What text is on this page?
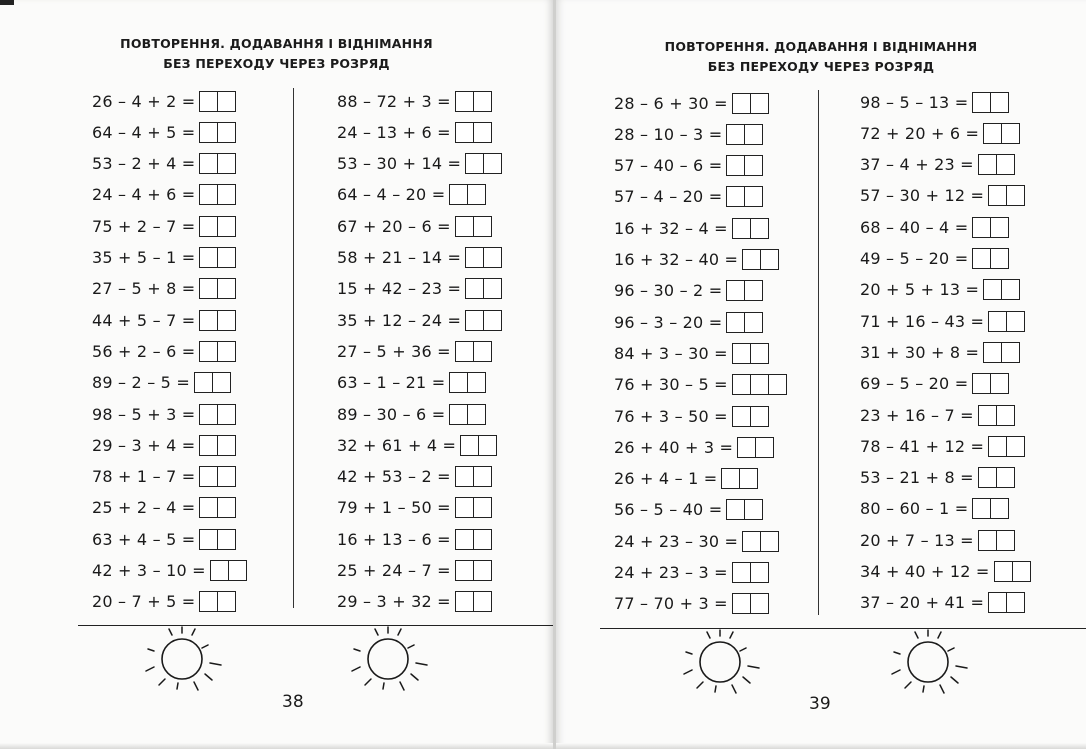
ПОВТОРЕННЯ. ДОДАВАННЯ І ВІДНІМАННЯ
БЕЗ ПЕРЕХОДУ ЧЕРЕЗ РОЗРЯД
26 – 4 + 2 =
64 – 4 + 5 =
53 – 2 + 4 =
24 – 4 + 6 =
75 + 2 – 7 =
35 + 5 – 1 =
27 – 5 + 8 =
44 + 5 – 7 =
56 + 2 – 6 =
89 – 2 – 5 =
98 – 5 + 3 =
29 – 3 + 4 =
78 + 1 – 7 =
25 + 2 – 4 =
63 + 4 – 5 =
42 + 3 – 10 =
20 – 7 + 5 =
88 – 72 + 3 =
24 – 13 + 6 =
53 – 30 + 14 =
64 – 4 – 20 =
67 + 20 – 6 =
58 + 21 – 14 =
15 + 42 – 23 =
35 + 12 – 24 =
27 – 5 + 36 =
63 – 1 – 21 =
89 – 30 – 6 =
32 + 61 + 4 =
42 + 53 – 2 =
79 + 1 – 50 =
16 + 13 – 6 =
25 + 24 – 7 =
29 – 3 + 32 =
38
ПОВТОРЕННЯ. ДОДАВАННЯ І ВІДНІМАННЯ
БЕЗ ПЕРЕХОДУ ЧЕРЕЗ РОЗРЯД
28 – 6 + 30 =
28 – 10 – 3 =
57 – 40 – 6 =
57 – 4 – 20 =
16 + 32 – 4 =
16 + 32 – 40 =
96 – 30 – 2 =
96 – 3 – 20 =
84 + 3 – 30 =
76 + 30 – 5 =
76 + 3 – 50 =
26 + 40 + 3 =
26 + 4 – 1 =
56 – 5 – 40 =
24 + 23 – 30 =
24 + 23 – 3 =
77 – 70 + 3 =
98 – 5 – 13 =
72 + 20 + 6 =
37 – 4 + 23 =
57 – 30 + 12 =
68 – 40 – 4 =
49 – 5 – 20 =
20 + 5 + 13 =
71 + 16 – 43 =
31 + 30 + 8 =
69 – 5 – 20 =
23 + 16 – 7 =
78 – 41 + 12 =
53 – 21 + 8 =
80 – 60 – 1 =
20 + 7 – 13 =
34 + 40 + 12 =
37 – 20 + 41 =
39
